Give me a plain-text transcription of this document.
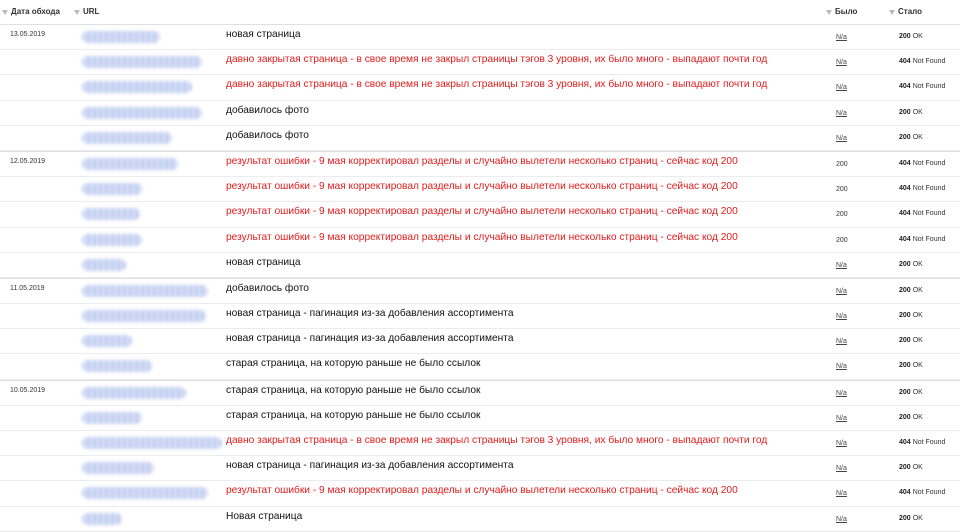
Дата обхода	URL	Было	Стало
13.05.2019	новая страница	N/a	200 OK
давно закрытая страница - в свое время не закрыл страницы тэгов 3 уровня, их было много - выпадают почти год	N/a	404 Not Found
давно закрытая страница - в свое время не закрыл страницы тэгов 3 уровня, их было много - выпадают почти год	N/a	404 Not Found
добавилось фото	N/a	200 OK
добавилось фото	N/a	200 OK
12.05.2019	результат ошибки - 9 мая корректировал разделы и случайно вылетели несколько страниц - сейчас код 200	200	404 Not Found
результат ошибки - 9 мая корректировал разделы и случайно вылетели несколько страниц - сейчас код 200	200	404 Not Found
результат ошибки - 9 мая корректировал разделы и случайно вылетели несколько страниц - сейчас код 200	200	404 Not Found
результат ошибки - 9 мая корректировал разделы и случайно вылетели несколько страниц - сейчас код 200	200	404 Not Found
новая страница	N/a	200 OK
11.05.2019	добавилось фото	N/a	200 OK
новая страница - пагинация из-за добавления ассортимента	N/a	200 OK
новая страница - пагинация из-за добавления ассортимента	N/a	200 OK
старая страница, на которую раньше не было ссылок	N/a	200 OK
10.05.2019	старая страница, на которую раньше не было ссылок	N/a	200 OK
старая страница, на которую раньше не было ссылок	N/a	200 OK
давно закрытая страница - в свое время не закрыл страницы тэгов 3 уровня, их было много - выпадают почти год	N/a	404 Not Found
новая страница - пагинация из-за добавления ассортимента	N/a	200 OK
результат ошибки - 9 мая корректировал разделы и случайно вылетели несколько страниц - сейчас код 200	N/a	404 Not Found
Новая страница	N/a	200 OK
